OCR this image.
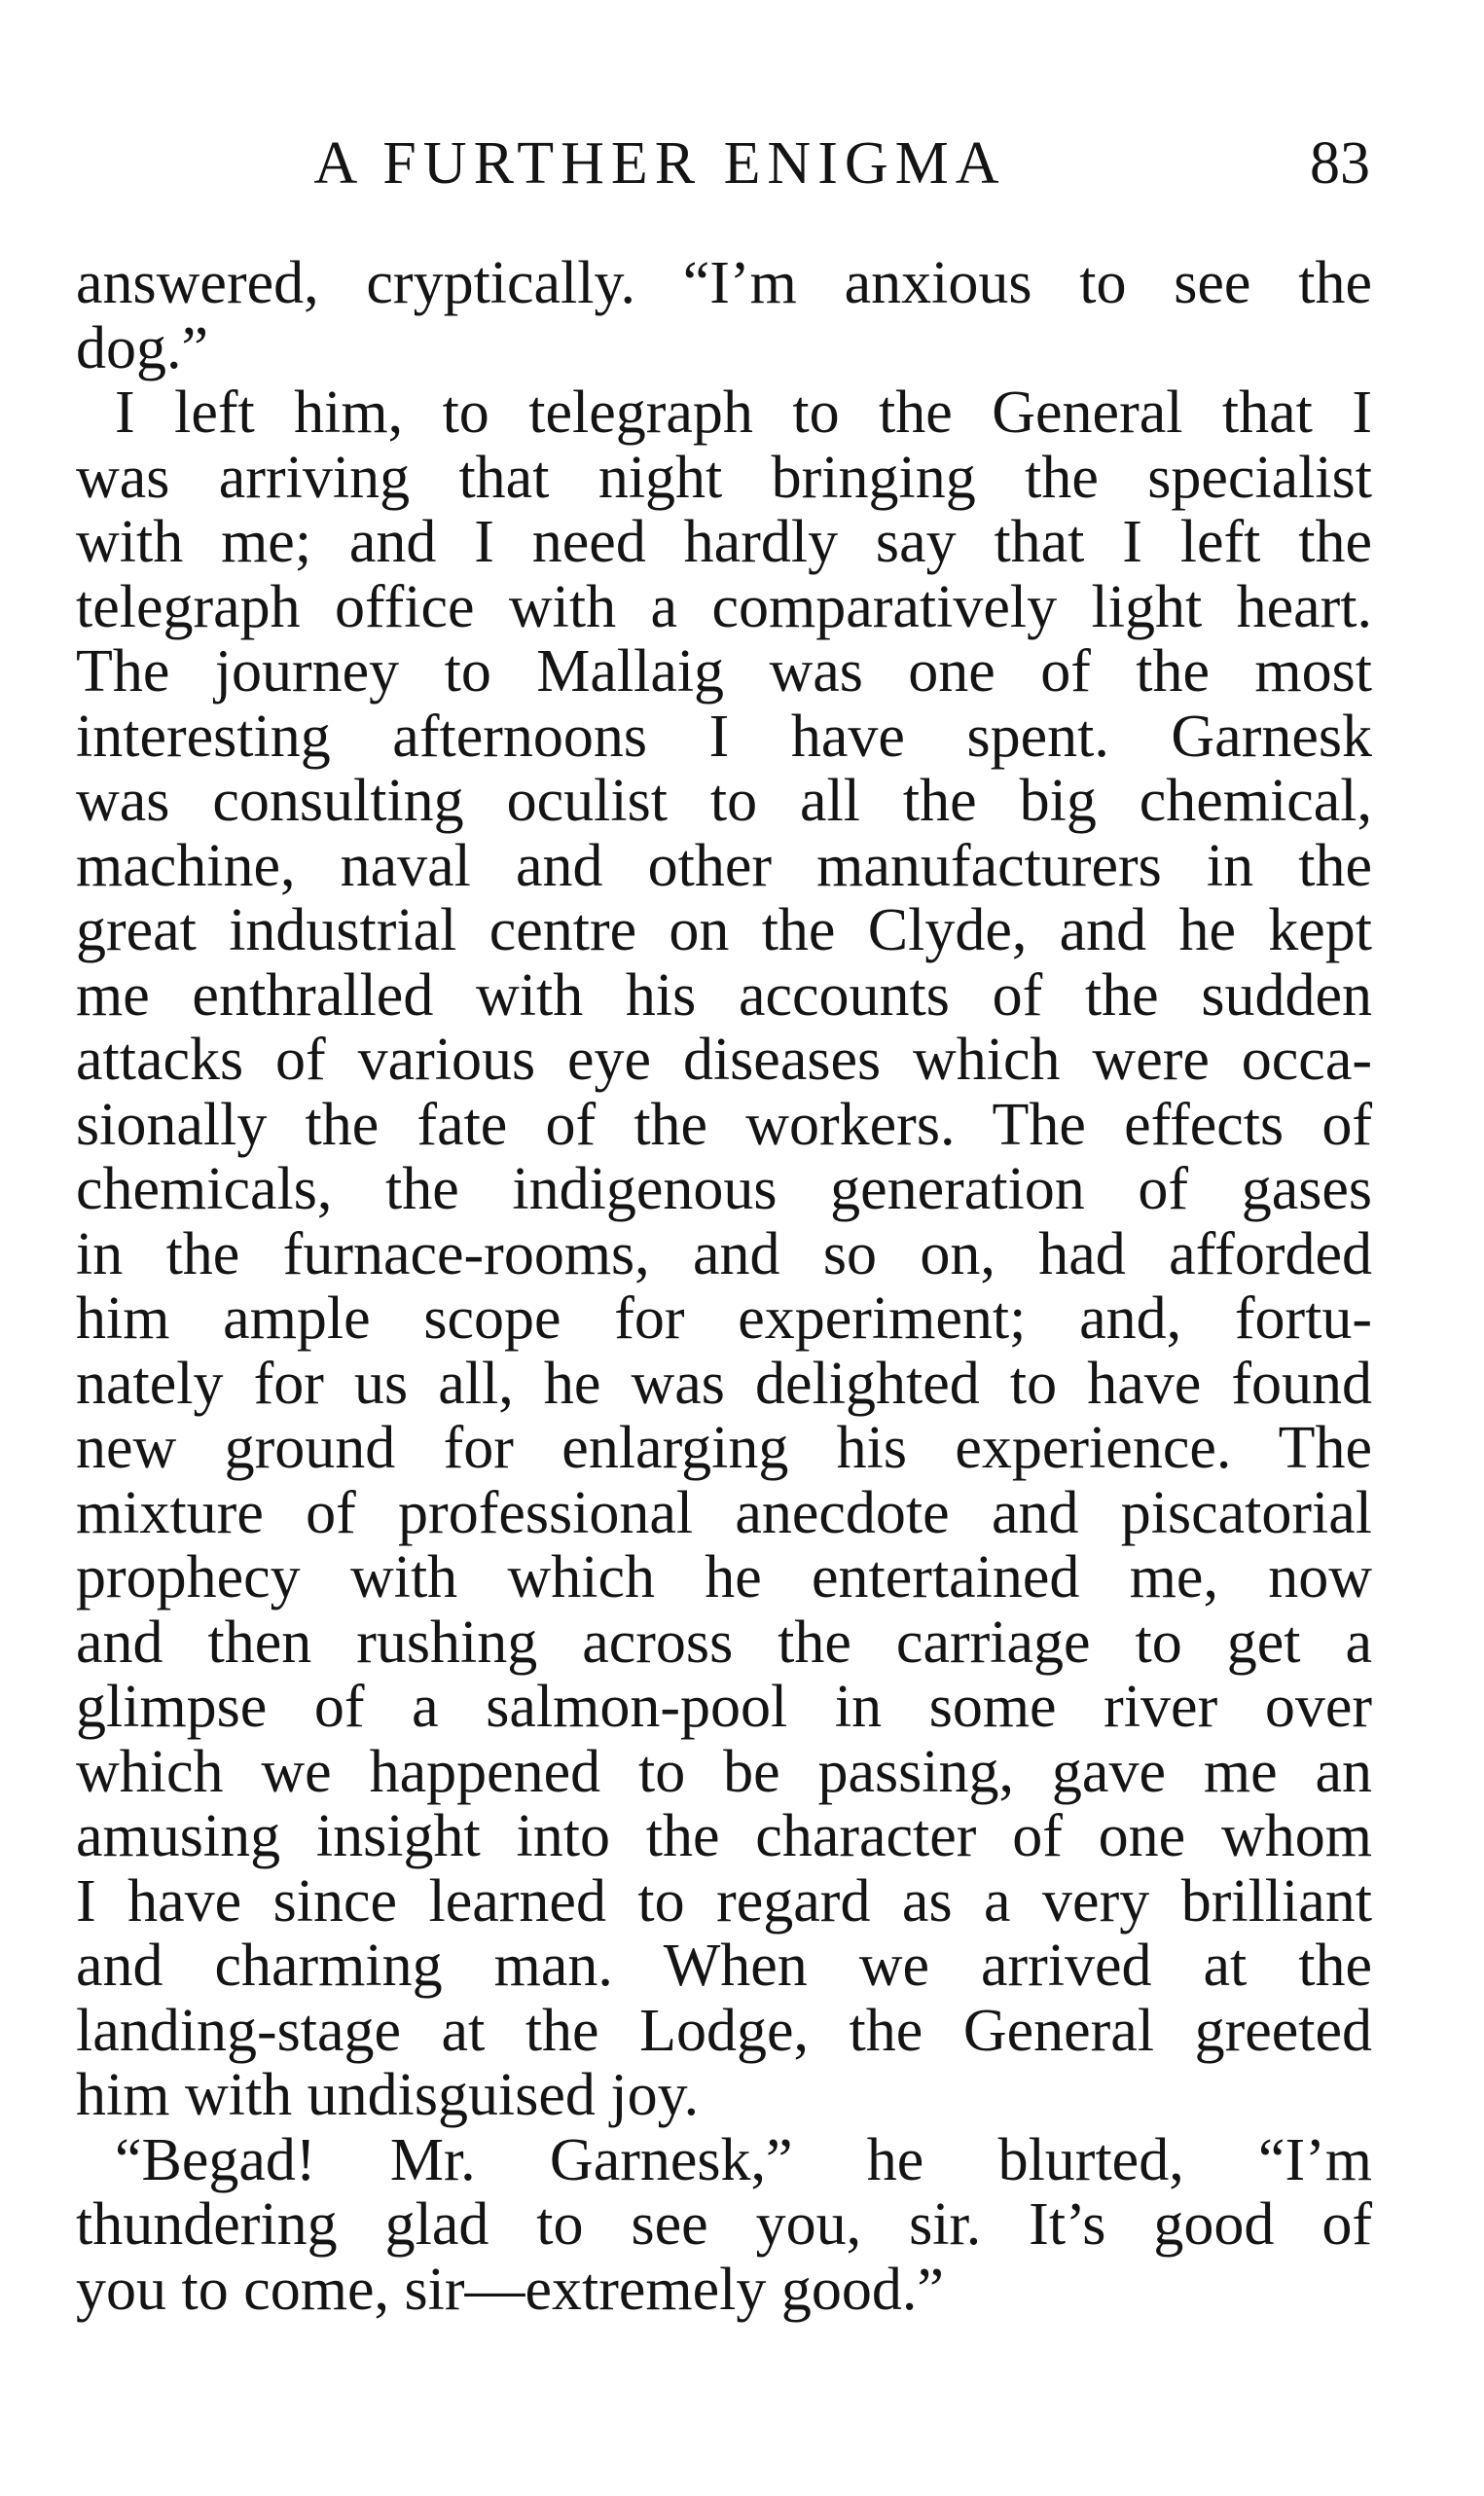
A FURTHER ENIGMA	83
answered, cryptically. “I’m anxious to see the
dog.”
I left him, to telegraph to the General that I
was arriving that night bringing the specialist
with me; and I need hardly say that I left the
telegraph office with a comparatively light heart.
The journey to Mallaig was one of the most
interesting afternoons I have spent. Garnesk
was consulting oculist to all the big chemical,
machine, naval and other manufacturers in the
great industrial centre on the Clyde, and he kept
me enthralled with his accounts of the sudden
attacks of various eye diseases which were occa-
sionally the fate of the workers. The effects of
chemicals, the indigenous generation of gases
in the furnace-rooms, and so on, had afforded
him ample scope for experiment; and, fortu-
nately for us all, he was delighted to have found
new ground for enlarging his experience. The
mixture of professional anecdote and piscatorial
prophecy with which he entertained me, now
and then rushing across the carriage to get a
glimpse of a salmon-pool in some river over
which we happened to be passing, gave me an
amusing insight into the character of one whom
I have since learned to regard as a very brilliant
and charming man. When we arrived at the
landing-stage at the Lodge, the General greeted
him with undisguised joy.
“Begad! Mr. Garnesk,” he blurted, “I’m
thundering glad to see you, sir. It’s good of
you to come, sir—extremely good.”
